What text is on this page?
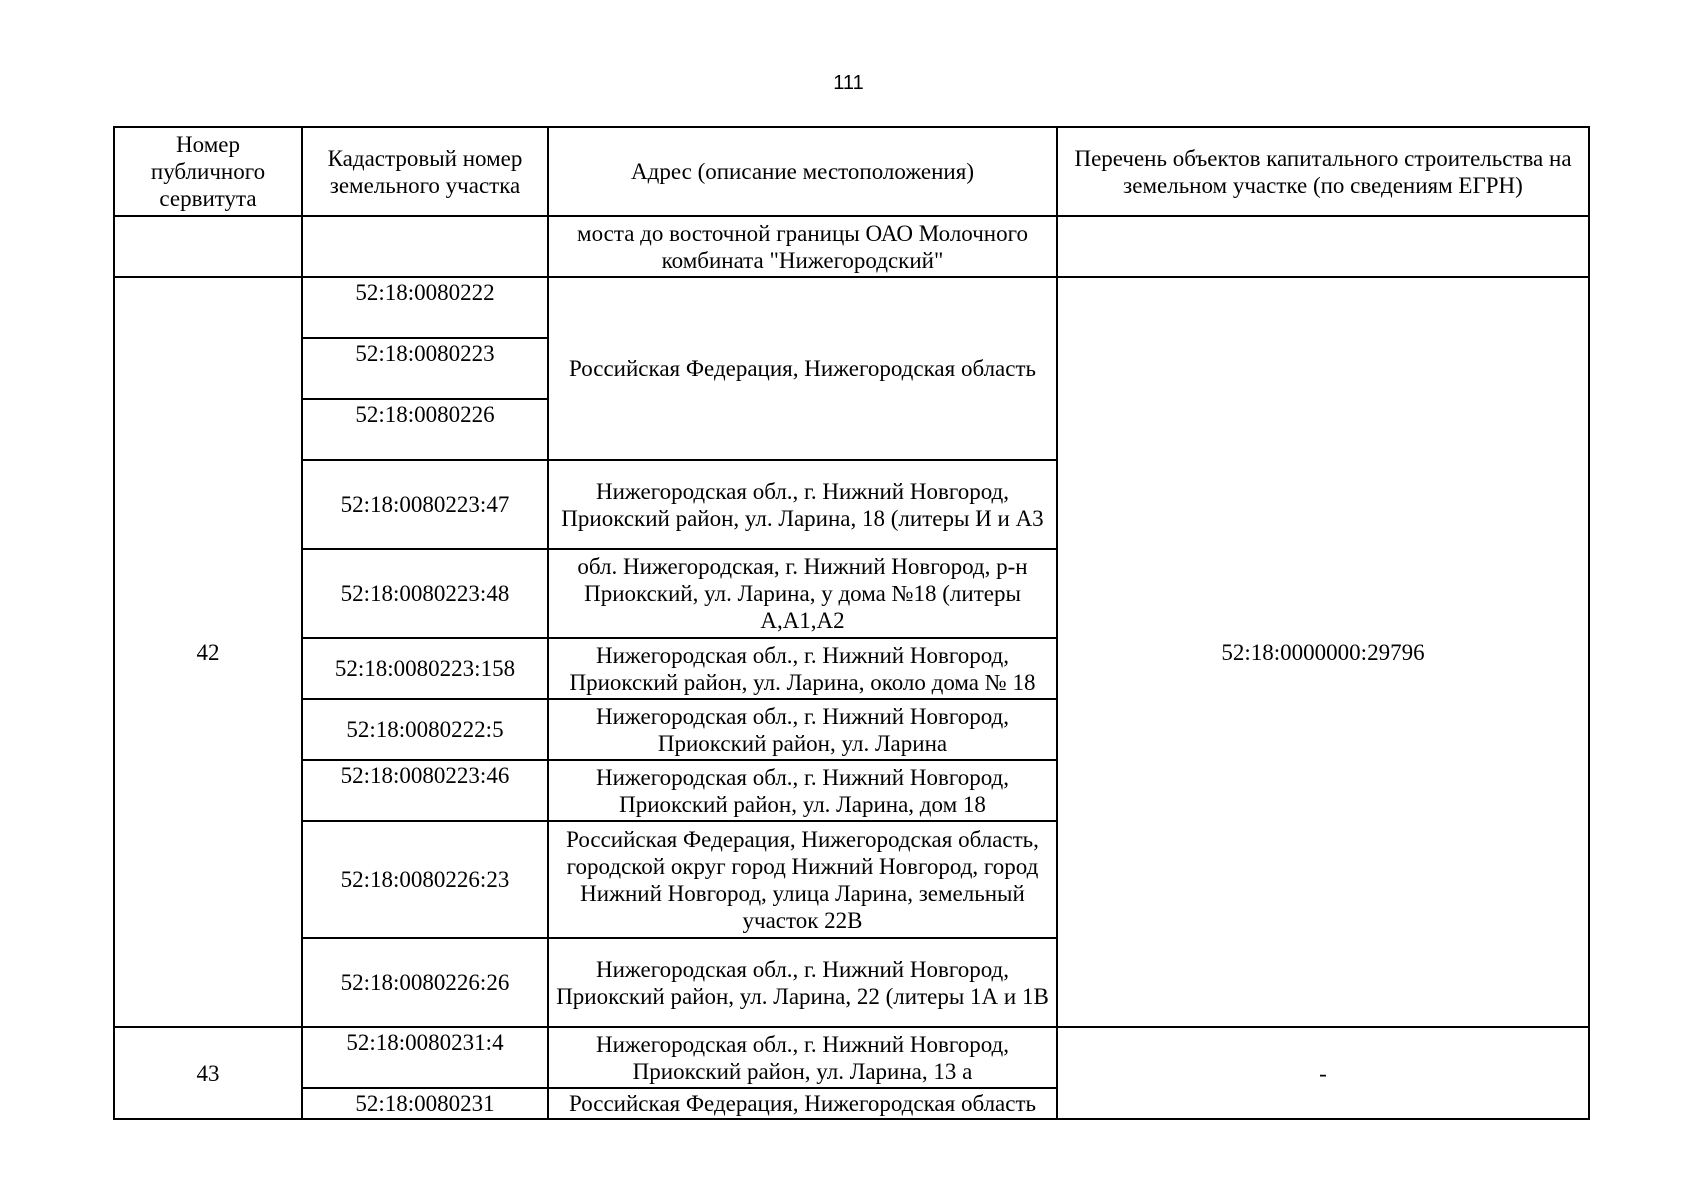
111
Номер публичного сервитута	Кадастровый номер земельного участка	Адрес (описание местоположения)	Перечень объектов капитального строительства на земельном участке (по сведениям ЕГРН)
		моста до восточной границы ОАО Молочного комбината "Нижегородский"	
42	52:18:0080222	Российская Федерация, Нижегородская область	52:18:0000000:29796
	52:18:0080223		
	52:18:0080226		
	52:18:0080223:47	Нижегородская обл., г. Нижний Новгород, Приокский район, ул. Ларина, 18 (литеры И и А3	
	52:18:0080223:48	обл. Нижегородская, г. Нижний Новгород, р-н Приокский, ул. Ларина, у дома №18 (литеры А,А1,А2	
	52:18:0080223:158	Нижегородская обл., г. Нижний Новгород, Приокский район, ул. Ларина, около дома № 18	
	52:18:0080222:5	Нижегородская обл., г. Нижний Новгород, Приокский район, ул. Ларина	
	52:18:0080223:46	Нижегородская обл., г. Нижний Новгород, Приокский район, ул. Ларина, дом 18	
	52:18:0080226:23	Российская Федерация, Нижегородская область, городской округ город Нижний Новгород, город Нижний Новгород, улица Ларина, земельный участок 22В	
	52:18:0080226:26	Нижегородская обл., г. Нижний Новгород, Приокский район, ул. Ларина, 22 (литеры 1А и 1В	
43	52:18:0080231:4	Нижегородская обл., г. Нижний Новгород, Приокский район, ул. Ларина, 13 а	-
	52:18:0080231	Российская Федерация, Нижегородская область	
